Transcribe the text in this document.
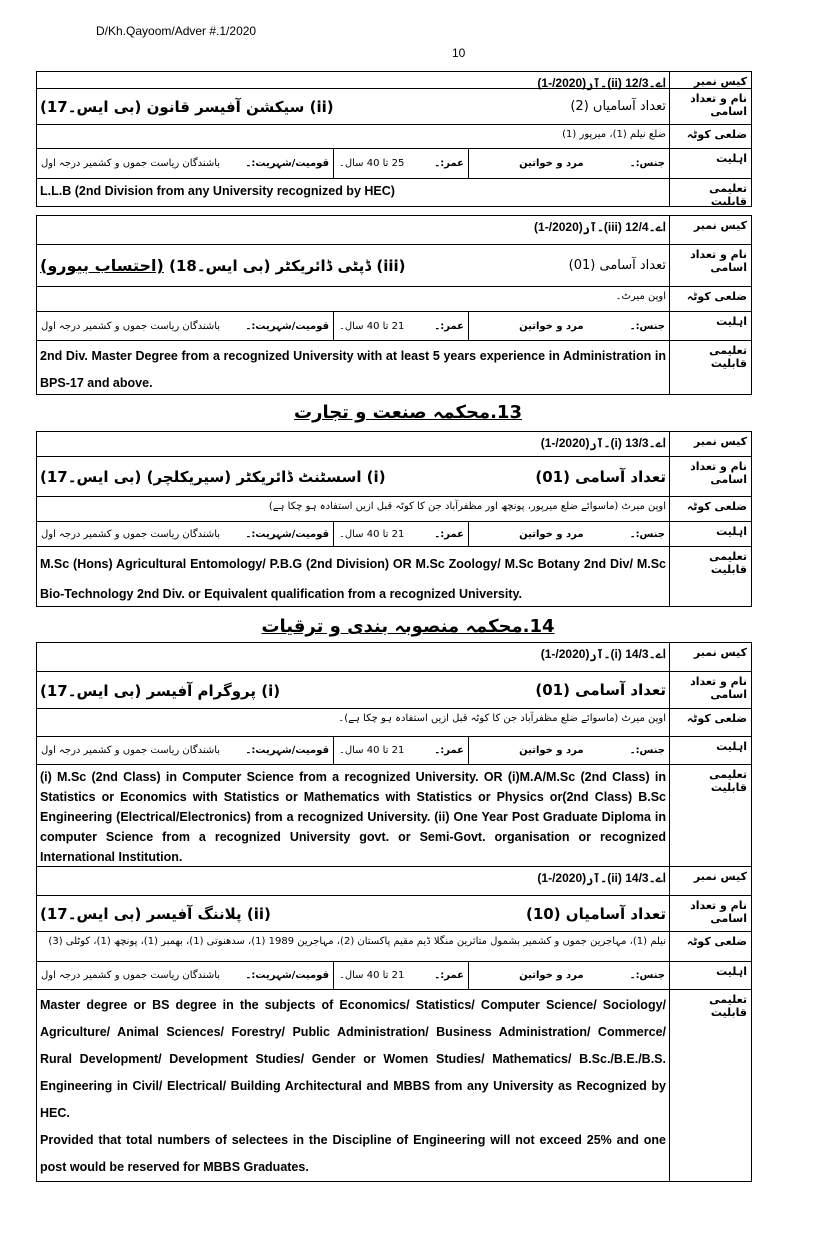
D/Kh.Qayoom/Adver #.1/2020
10
13.محکمہ صنعت و تجارت
14.محکمہ منصوبہ بندی و ترقیات
کیس نمبر
اے۔12/3 (ii)۔آر(2020/-1)
نام و تعداد اسامی
(ii) سیکشن آفیسر قانون (بی ایس۔17)	تعداد آسامیاں (2)
ضلعی کوٹہ
ضلع نیلم (1)، میرپور (1)
اہلیت
جنس:۔
مرد و خواتین
عمر:۔
25 تا 40 سال۔
قومیت/شہریت:۔
باشندگان ریاست جموں و کشمیر درجہ اول
تعلیمی قابلیت
L.L.B (2nd Division from any University recognized by HEC)
کیس نمبر
اے۔12/4 (iii)۔آر(2020/-1)
نام و تعداد اسامی
(iii) ڈپٹی ڈائریکٹر (بی ایس۔18) (احتساب بیورو)	تعداد آسامی (01)
ضلعی کوٹہ
اوپن میرٹ۔
اہلیت
جنس:۔
مرد و خواتین
عمر:۔
21 تا 40 سال۔
قومیت/شہریت:۔
باشندگان ریاست جموں و کشمیر درجہ اول
تعلیمی قابلیت
2nd Div. Master Degree from a recognized University with at least 5 years experience in Administration in BPS-17 and above.
کیس نمبر
اے۔13/3 (i)۔آر(2020/-1)
نام و تعداد اسامی
(i) اسسٹنٹ ڈائریکٹر (سیریکلچر) (بی ایس۔17)	تعداد آسامی (01)
ضلعی کوٹہ
اوپن میرٹ (ماسوائے ضلع میرپور، پونچھ اور مظفرآباد جن کا کوٹہ قبل ازیں استفادہ ہو چکا ہے)
اہلیت
جنس:۔
مرد و خواتین
عمر:۔
21 تا 40 سال۔
قومیت/شہریت:۔
باشندگان ریاست جموں و کشمیر درجہ اول
تعلیمی قابلیت
M.Sc (Hons) Agricultural Entomology/ P.B.G (2nd Division) OR M.Sc Zoology/ M.Sc Botany 2nd Div/ M.Sc Bio-Technology 2nd Div. or Equivalent qualification from a recognized University.
کیس نمبر
اے۔14/3 (i)۔آر(2020/-1)
نام و تعداد اسامی
(i) پروگرام آفیسر (بی ایس۔17)	تعداد آسامی (01)
ضلعی کوٹہ
اوپن میرٹ (ماسوائے ضلع مظفرآباد جن کا کوٹہ قبل ازیں استفادہ ہو چکا ہے)۔
اہلیت
جنس:۔
مرد و خواتین
عمر:۔
21 تا 40 سال۔
قومیت/شہریت:۔
باشندگان ریاست جموں و کشمیر درجہ اول
تعلیمی قابلیت
(i) M.Sc (2nd Class) in Computer Science from a recognized University. OR (i)M.A/M.Sc (2nd Class) in Statistics or Economics with Statistics or Mathematics with Statistics or Physics or(2nd Class) B.Sc Engineering (Electrical/Electronics) from a recognized University. (ii) One Year Post Graduate Diploma in computer Science from a recognized University govt. or Semi-Govt. organisation or recognized International Institution.
کیس نمبر
اے۔14/3 (ii)۔آر(2020/-1)
نام و تعداد اسامی
(ii) پلاننگ آفیسر (بی ایس۔17)	تعداد آسامیاں (10)
ضلعی کوٹہ
نیلم (1)، مہاجرین جموں و کشمیر بشمول متاثرین منگلا ڈیم مقیم پاکستان (2)، مہاجرین 1989 (1)، سدھنوتی (1)، بھمبر (1)، پونچھ (1)، کوٹلی (3)
اہلیت
جنس:۔
مرد و خواتین
عمر:۔
21 تا 40 سال۔
قومیت/شہریت:۔
باشندگان ریاست جموں و کشمیر درجہ اول
تعلیمی قابلیت
Master degree or BS degree in the subjects of Economics/ Statistics/ Computer Science/ Sociology/ Agriculture/ Animal Sciences/ Forestry/ Public Administration/ Business Administration/ Commerce/ Rural Development/ Development Studies/ Gender or Women Studies/ Mathematics/ B.Sc./B.E./B.S. Engineering in Civil/ Electrical/ Building Architectural and MBBS from any University as Recognized by HEC.
Provided that total numbers of selectees in the Discipline of Engineering will not exceed 25% and one post would be reserved for MBBS Graduates.
